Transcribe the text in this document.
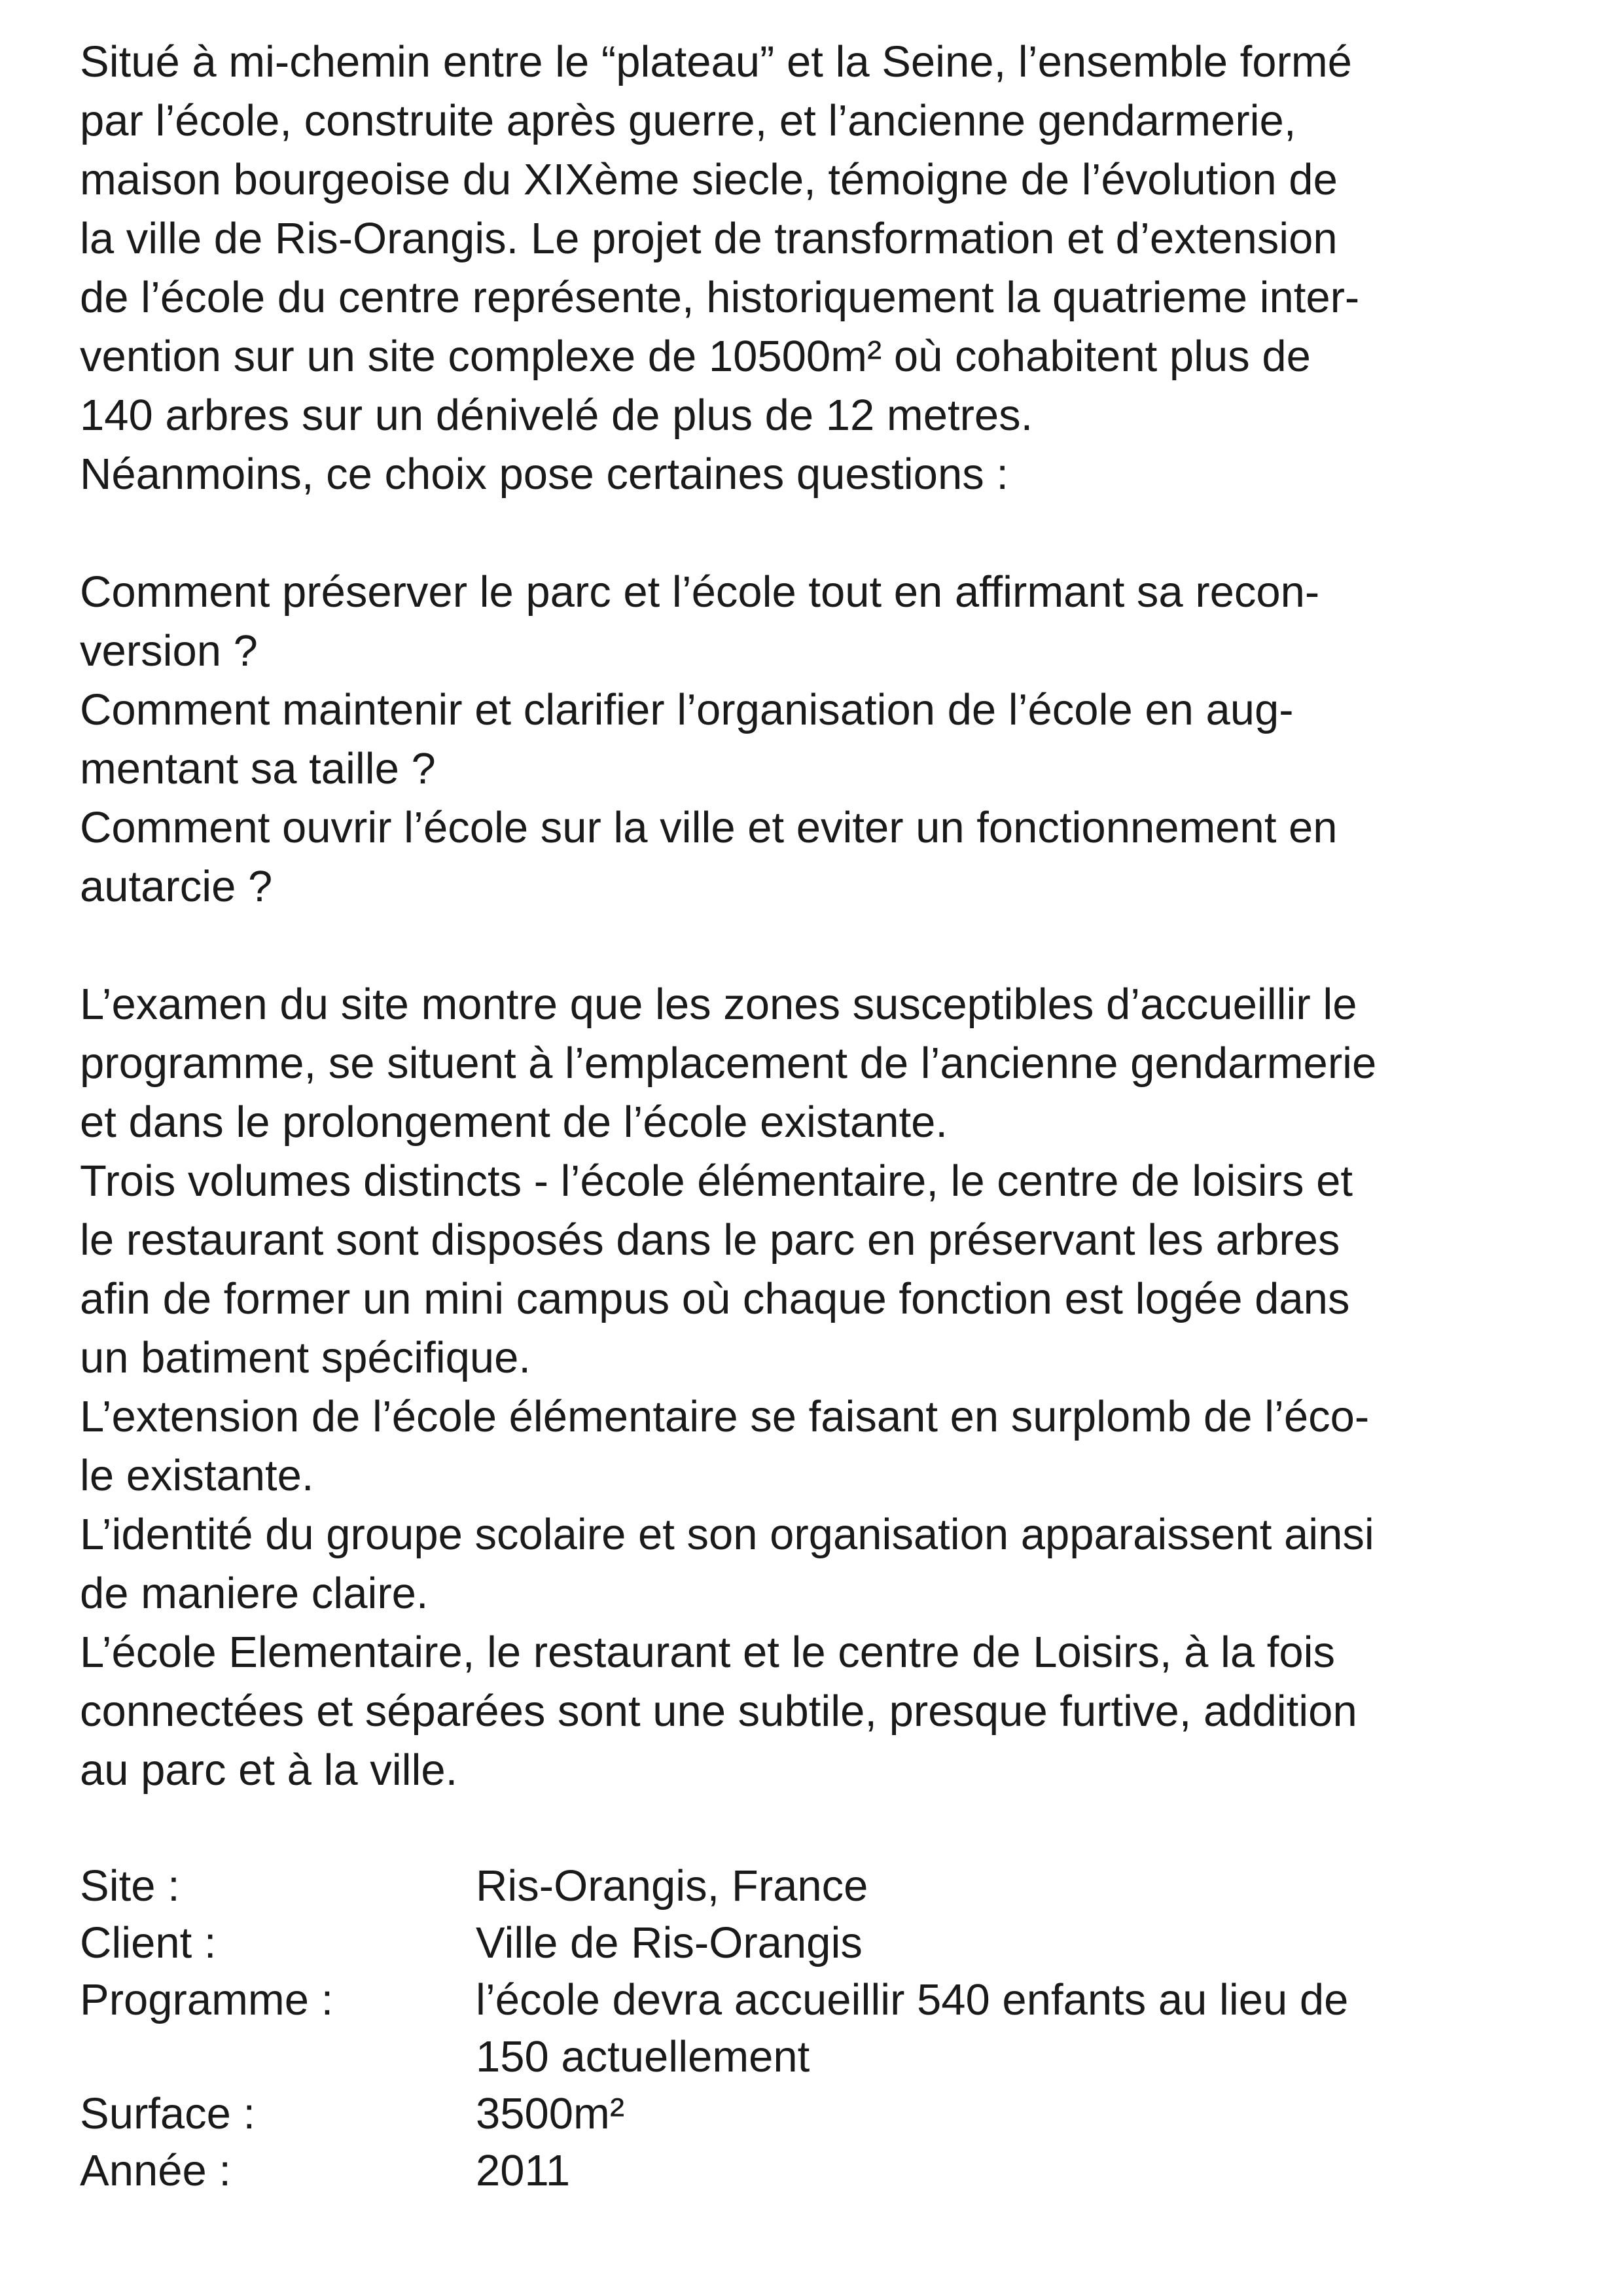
Situé à mi-chemin entre le “plateau” et la Seine, l’ensemble formé
par l’école, construite après guerre, et l’ancienne gendarmerie,
maison bourgeoise du XIXème siecle, témoigne de l’évolution de
la ville de Ris-Orangis. Le projet de transformation et d’extension
de l’école du centre représente, historiquement la quatrieme inter-
vention sur un site complexe de 10500m² où cohabitent plus de
140 arbres sur un dénivelé de plus de 12 metres.
Néanmoins, ce choix pose certaines questions :
Comment préserver le parc et l’école tout en affirmant sa recon-
version ?
Comment maintenir et clarifier l’organisation de l’école en aug-
mentant sa taille ?
Comment ouvrir l’école sur la ville et eviter un fonctionnement en
autarcie ?
L’examen du site montre que les zones susceptibles d’accueillir le
programme, se situent à l’emplacement de l’ancienne gendarmerie
et dans le prolongement de l’école existante.
Trois volumes distincts - l’école élémentaire, le centre de loisirs et
le restaurant sont disposés dans le parc en préservant les arbres
afin de former un mini campus où chaque fonction est logée dans
un batiment spécifique.
L’extension de l’école élémentaire se faisant en surplomb de l’éco-
le existante.
L’identité du groupe scolaire et son organisation apparaissent ainsi
de maniere claire.
L’école Elementaire, le restaurant et le centre de Loisirs, à la fois
connectées et séparées sont une subtile, presque furtive, addition
au parc et à la ville.
Site :	Ris-Orangis, France
Client :	Ville de Ris-Orangis
Programme :	l’école devra accueillir 540 enfants au lieu de
150 actuellement
Surface :	3500m²
Année :	2011
